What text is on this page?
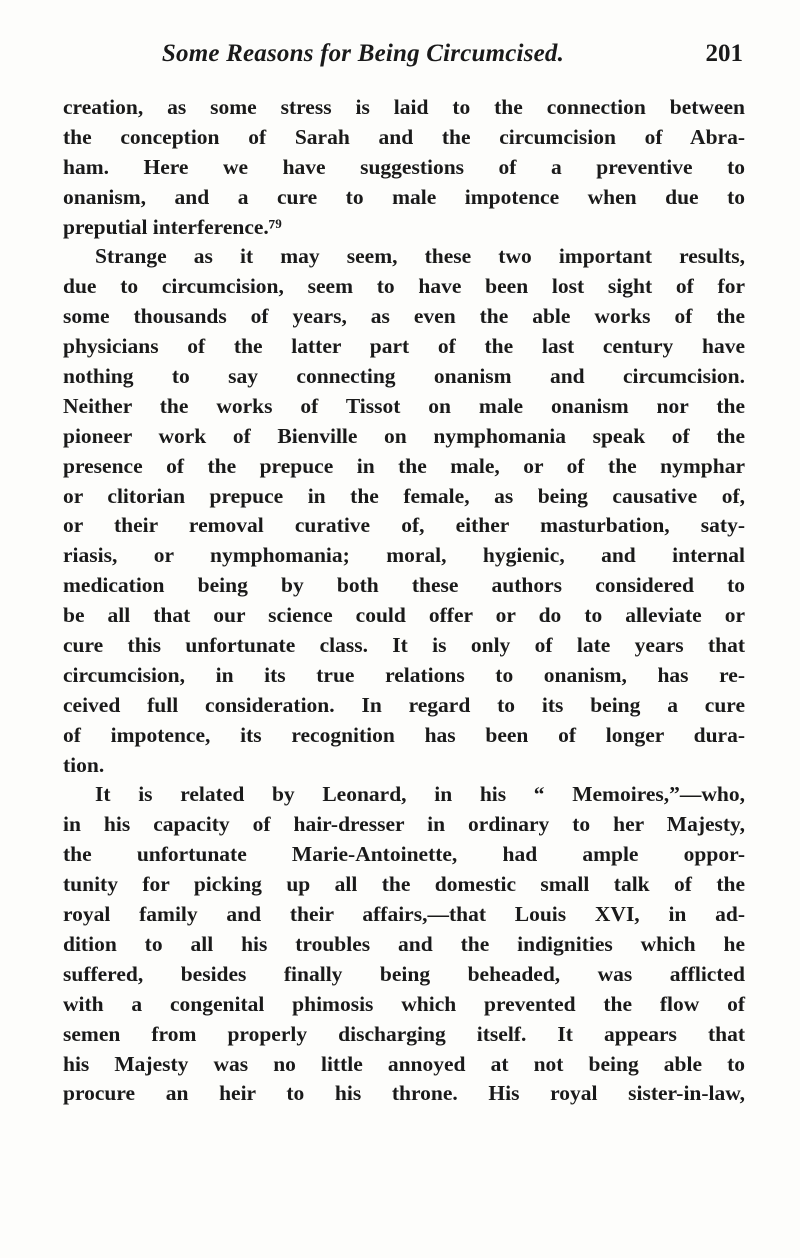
Some Reasons for Being Circumcised.	201
creation, as some stress is laid to the connection between
the conception of Sarah and the circumcision of Abra-
ham. Here we have suggestions of a preventive to
onanism, and a cure to male impotence when due to
preputial interference.⁷⁹
Strange as it may seem, these two important results,
due to circumcision, seem to have been lost sight of for
some thousands of years, as even the able works of the
physicians of the latter part of the last century have
nothing to say connecting onanism and circumcision.
Neither the works of Tissot on male onanism nor the
pioneer work of Bienville on nymphomania speak of the
presence of the prepuce in the male, or of the nymphar
or clitorian prepuce in the female, as being causative of,
or their removal curative of, either masturbation, saty-
riasis, or nymphomania; moral, hygienic, and internal
medication being by both these authors considered to
be all that our science could offer or do to alleviate or
cure this unfortunate class. It is only of late years that
circumcision, in its true relations to onanism, has re-
ceived full consideration. In regard to its being a cure
of impotence, its recognition has been of longer dura-
tion.
It is related by Leonard, in his “ Memoires,”—who,
in his capacity of hair-dresser in ordinary to her Majesty,
the unfortunate Marie-Antoinette, had ample oppor-
tunity for picking up all the domestic small talk of the
royal family and their affairs,—that Louis XVI, in ad-
dition to all his troubles and the indignities which he
suffered, besides finally being beheaded, was afflicted
with a congenital phimosis which prevented the flow of
semen from properly discharging itself. It appears that
his Majesty was no little annoyed at not being able to
procure an heir to his throne. His royal sister-in-law,
